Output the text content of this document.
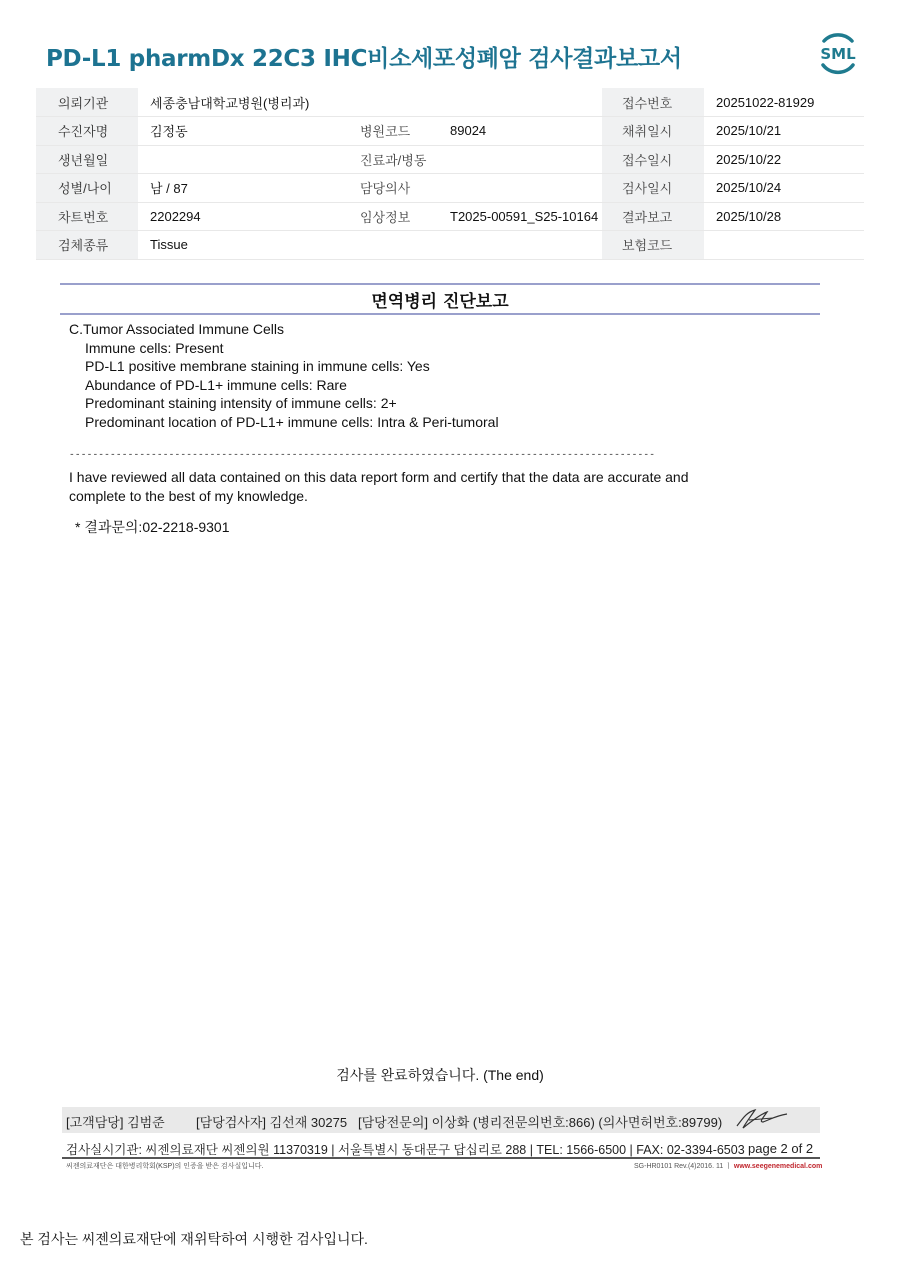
PD-L1 pharmDx 22C3 IHC비소세포성폐암 검사결과보고서	SML
의뢰기관	세종충남대학교병원(병리과)			접수번호	20251022-81929
수진자명	김정동	병원코드	89024	채취일시	2025/10/21
생년월일		진료과/병동		접수일시	2025/10/22
성별/나이	남 / 87	담당의사		검사일시	2025/10/24
차트번호	2202294	임상정보	T2025-00591_S25-10164	결과보고	2025/10/28
검체종류	Tissue			보험코드	
면역병리 진단보고
C.Tumor Associated Immune Cells
Immune cells: Present
PD-L1 positive membrane staining in immune cells: Yes
Abundance of PD-L1+ immune cells: Rare
Predominant staining intensity of immune cells: 2+
Predominant location of PD-L1+ immune cells: Intra & Peri-tumoral
----------------------------------------------------------------------------------------------------
I have reviewed all data contained on this data report form and certify that the data are accurate and complete to the best of my knowledge.
* 결과문의:02-2218-9301
검사를 완료하였습니다. (The end)
[고객담당] 김범준 [담당검사자] 김선재 30275 [담당전문의] 이상화 (병리전문의번호:866) (의사면허번호:89799)
검사실시기관: 씨젠의료재단 씨젠의원 11370319 | 서울특별시 동대문구 답십리로 288 | TEL: 1566-6500 | FAX: 02-3394-6503 page 2 of 2
씨젠의료재단은 대한병리학회(KSP)의 인증을 받은 검사실입니다.	SG-HR0101 Rev.(4)2016. 11 ㅣ www.seegenemedical.com
본 검사는 씨젠의료재단에 재위탁하여 시행한 검사입니다.
